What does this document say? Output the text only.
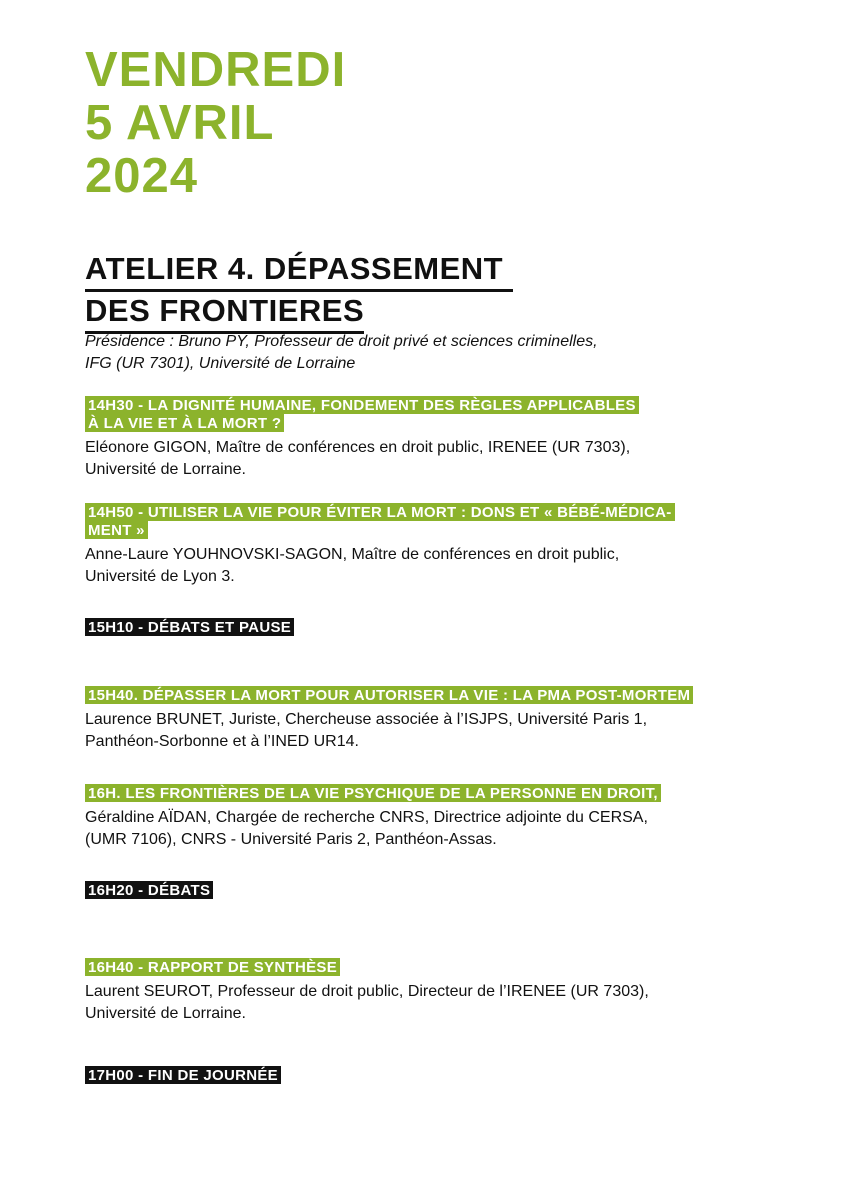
VENDREDI
5 AVRIL
2024
ATELIER 4. DÉPASSEMENT
DES FRONTIERES
Présidence : Bruno PY, Professeur de droit privé et sciences criminelles,
IFG (UR 7301), Université de Lorraine
14H30 - LA DIGNITÉ HUMAINE, FONDEMENT DES RÈGLES APPLICABLES
À LA VIE ET À LA MORT ?
Eléonore GIGON, Maître de conférences en droit public, IRENEE (UR 7303),
Université de Lorraine.
14H50 - UTILISER LA VIE POUR ÉVITER LA MORT : DONS ET « BÉBÉ-MÉDICA-
MENT »
Anne-Laure YOUHNOVSKI-SAGON, Maître de conférences en droit public,
Université de Lyon 3.
15H10 - DÉBATS ET PAUSE
15H40. DÉPASSER LA MORT POUR AUTORISER LA VIE : LA PMA POST-MORTEM
Laurence BRUNET, Juriste, Chercheuse associée à l’ISJPS, Université Paris 1,
Panthéon-Sorbonne et à l’INED UR14.
16H. LES FRONTIÈRES DE LA VIE PSYCHIQUE DE LA PERSONNE EN DROIT,
Géraldine AÏDAN, Chargée de recherche CNRS, Directrice adjointe du CERSA,
(UMR 7106), CNRS - Université Paris 2, Panthéon-Assas.
16H20 - DÉBATS
16H40 - RAPPORT DE SYNTHÈSE
Laurent SEUROT, Professeur de droit public, Directeur de l’IRENEE (UR 7303),
Université de Lorraine.
17H00 - FIN DE JOURNÉE
